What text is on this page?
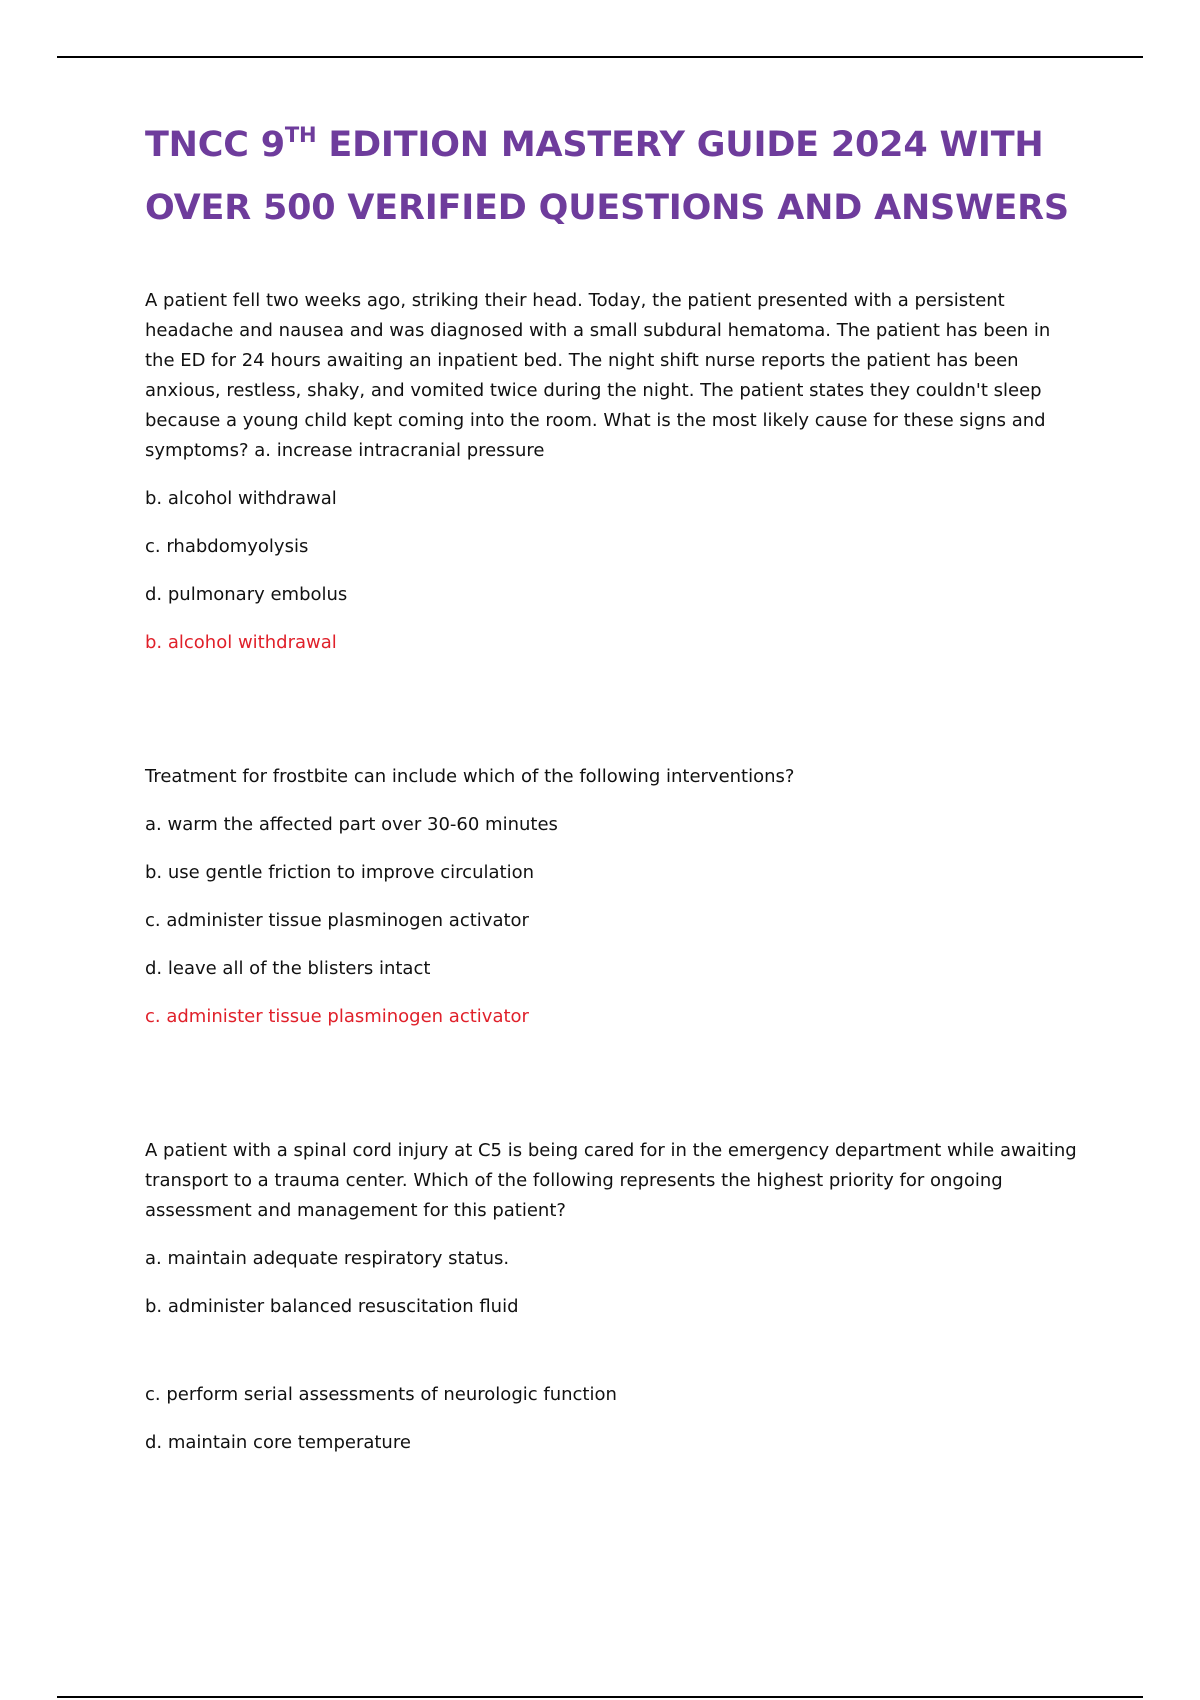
TNCC 9TH EDITION MASTERY GUIDE 2024 WITH OVER 500 VERIFIED QUESTIONS AND ANSWERS

A patient fell two weeks ago, striking their head. Today, the patient presented with a persistent headache and nausea and was diagnosed with a small subdural hematoma. The patient has been in the ED for 24 hours awaiting an inpatient bed. The night shift nurse reports the patient has been anxious, restless, shaky, and vomited twice during the night. The patient states they couldn't sleep because a young child kept coming into the room. What is the most likely cause for these signs and symptoms? a. increase intracranial pressure

b. alcohol withdrawal

c. rhabdomyolysis

d. pulmonary embolus

b. alcohol withdrawal

Treatment for frostbite can include which of the following interventions?

a. warm the affected part over 30-60 minutes

b. use gentle friction to improve circulation

c. administer tissue plasminogen activator

d. leave all of the blisters intact

c. administer tissue plasminogen activator

A patient with a spinal cord injury at C5 is being cared for in the emergency department while awaiting transport to a trauma center. Which of the following represents the highest priority for ongoing assessment and management for this patient?

a. maintain adequate respiratory status.

b. administer balanced resuscitation fluid

c. perform serial assessments of neurologic function

d. maintain core temperature
